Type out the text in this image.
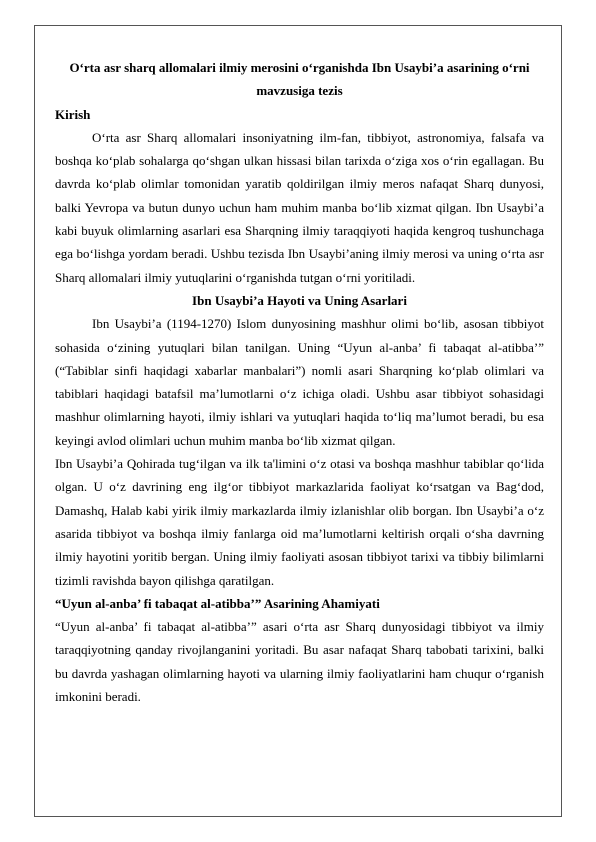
O‘rta asr sharq allomalari ilmiy merosini o‘rganishda Ibn Usaybi’a asarining o‘rni mavzusiga tezis

Kirish

O‘rta asr Sharq allomalari insoniyatning ilm-fan, tibbiyot, astronomiya, falsafa va boshqa ko‘plab sohalarga qo‘shgan ulkan hissasi bilan tarixda o‘ziga xos o‘rin egallagan. Bu davrda ko‘plab olimlar tomonidan yaratib qoldirilgan ilmiy meros nafaqat Sharq dunyosi, balki Yevropa va butun dunyo uchun ham muhim manba bo‘lib xizmat qilgan. Ibn Usaybi’a kabi buyuk olimlarning asarlari esa Sharqning ilmiy taraqqiyoti haqida kengroq tushunchaga ega bo‘lishga yordam beradi. Ushbu tezisda Ibn Usaybi’aning ilmiy merosi va uning o‘rta asr Sharq allomalari ilmiy yutuqlarini o‘rganishda tutgan o‘rni yoritiladi.

Ibn Usaybi’a Hayoti va Uning Asarlari

Ibn Usaybi’a (1194-1270) Islom dunyosining mashhur olimi bo‘lib, asosan tibbiyot sohasida o‘zining yutuqlari bilan tanilgan. Uning “Uyun al-anba’ fi tabaqat al-atibba’” (“Tabiblar sinfi haqidagi xabarlar manbalari”) nomli asari Sharqning ko‘plab olimlari va tabiblari haqidagi batafsil ma’lumotlarni o‘z ichiga oladi. Ushbu asar tibbiyot sohasidagi mashhur olimlarning hayoti, ilmiy ishlari va yutuqlari haqida to‘liq ma’lumot beradi, bu esa keyingi avlod olimlari uchun muhim manba bo‘lib xizmat qilgan.

Ibn Usaybi’a Qohirada tug‘ilgan va ilk ta'limini o‘z otasi va boshqa mashhur tabiblar qo‘lida olgan. U o‘z davrining eng ilg‘or tibbiyot markazlarida faoliyat ko‘rsatgan va Bag‘dod, Damashq, Halab kabi yirik ilmiy markazlarda ilmiy izlanishlar olib borgan. Ibn Usaybi’a o‘z asarida tibbiyot va boshqa ilmiy fanlarga oid ma’lumotlarni keltirish orqali o‘sha davrning ilmiy hayotini yoritib bergan. Uning ilmiy faoliyati asosan tibbiyot tarixi va tibbiy bilimlarni tizimli ravishda bayon qilishga qaratilgan.

“Uyun al-anba’ fi tabaqat al-atibba’” Asarining Ahamiyati

“Uyun al-anba’ fi tabaqat al-atibba’” asari o‘rta asr Sharq dunyosidagi tibbiyot va ilmiy taraqqiyotning qanday rivojlanganini yoritadi. Bu asar nafaqat Sharq tabobati tarixini, balki bu davrda yashagan olimlarning hayoti va ularning ilmiy faoliyatlarini ham chuqur o‘rganish imkonini beradi.
